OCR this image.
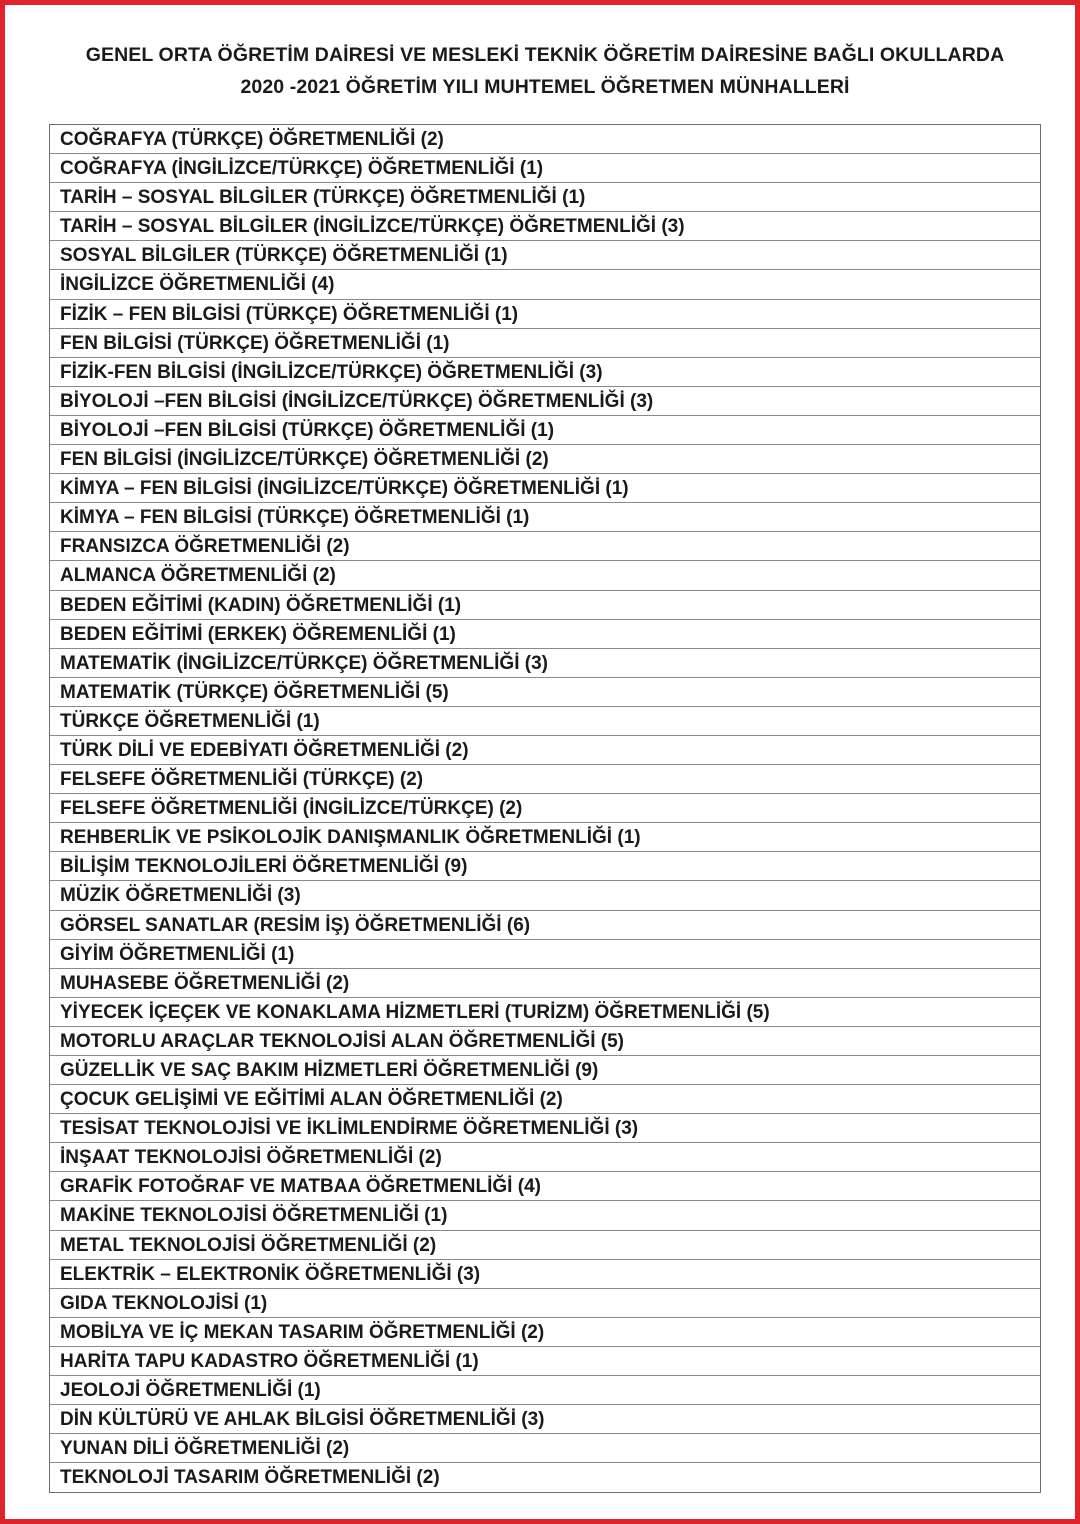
GENEL ORTA ÖĞRETİM DAİRESİ VE MESLEKİ TEKNİK ÖĞRETİM DAİRESİNE BAĞLI OKULLARDA
2020 -2021 ÖĞRETİM YILI MUHTEMEL ÖĞRETMEN MÜNHALLERİ
COĞRAFYA (TÜRKÇE) ÖĞRETMENLİĞİ (2)
COĞRAFYA (İNGİLİZCE/TÜRKÇE) ÖĞRETMENLİĞİ (1)
TARİH – SOSYAL BİLGİLER (TÜRKÇE) ÖĞRETMENLİĞİ (1)
TARİH – SOSYAL BİLGİLER (İNGİLİZCE/TÜRKÇE) ÖĞRETMENLİĞİ (3)
SOSYAL BİLGİLER (TÜRKÇE) ÖĞRETMENLİĞİ (1)
İNGİLİZCE ÖĞRETMENLİĞİ (4)
FİZİK – FEN BİLGİSİ (TÜRKÇE) ÖĞRETMENLİĞİ (1)
FEN BİLGİSİ (TÜRKÇE) ÖĞRETMENLİĞİ (1)
FİZİK-FEN BİLGİSİ (İNGİLİZCE/TÜRKÇE) ÖĞRETMENLİĞİ (3)
BİYOLOJİ –FEN BİLGİSİ (İNGİLİZCE/TÜRKÇE) ÖĞRETMENLİĞİ (3)
BİYOLOJİ –FEN BİLGİSİ (TÜRKÇE) ÖĞRETMENLİĞİ (1)
FEN BİLGİSİ (İNGİLİZCE/TÜRKÇE) ÖĞRETMENLİĞİ (2)
KİMYA – FEN BİLGİSİ (İNGİLİZCE/TÜRKÇE) ÖĞRETMENLİĞİ (1)
KİMYA – FEN BİLGİSİ (TÜRKÇE) ÖĞRETMENLİĞİ (1)
FRANSIZCA ÖĞRETMENLİĞİ (2)
ALMANCA ÖĞRETMENLİĞİ (2)
BEDEN EĞİTİMİ (KADIN) ÖĞRETMENLİĞİ (1)
BEDEN EĞİTİMİ (ERKEK) ÖĞREMENLİĞİ (1)
MATEMATİK (İNGİLİZCE/TÜRKÇE) ÖĞRETMENLİĞİ (3)
MATEMATİK (TÜRKÇE) ÖĞRETMENLİĞİ (5)
TÜRKÇE ÖĞRETMENLİĞİ (1)
TÜRK DİLİ VE EDEBİYATI ÖĞRETMENLİĞİ (2)
FELSEFE ÖĞRETMENLİĞİ (TÜRKÇE) (2)
FELSEFE ÖĞRETMENLİĞİ (İNGİLİZCE/TÜRKÇE) (2)
REHBERLİK VE PSİKOLOJİK DANIŞMANLIK ÖĞRETMENLİĞİ (1)
BİLİŞİM TEKNOLOJİLERİ ÖĞRETMENLİĞİ (9)
MÜZİK ÖĞRETMENLİĞİ (3)
GÖRSEL SANATLAR (RESİM İŞ) ÖĞRETMENLİĞİ (6)
GİYİM ÖĞRETMENLİĞİ (1)
MUHASEBE ÖĞRETMENLİĞİ (2)
YİYECEK İÇEÇEK VE KONAKLAMA HİZMETLERİ (TURİZM) ÖĞRETMENLİĞİ (5)
MOTORLU ARAÇLAR TEKNOLOJİSİ ALAN ÖĞRETMENLİĞİ (5)
GÜZELLİK VE SAÇ BAKIM HİZMETLERİ ÖĞRETMENLİĞİ (9)
ÇOCUK GELİŞİMİ VE EĞİTİMİ ALAN ÖĞRETMENLİĞİ (2)
TESİSAT TEKNOLOJİSİ VE İKLİMLENDİRME ÖĞRETMENLİĞİ (3)
İNŞAAT TEKNOLOJİSİ ÖĞRETMENLİĞİ (2)
GRAFİK FOTOĞRAF VE MATBAA ÖĞRETMENLİĞİ (4)
MAKİNE TEKNOLOJİSİ ÖĞRETMENLİĞİ (1)
METAL TEKNOLOJİSİ ÖĞRETMENLİĞİ (2)
ELEKTRİK – ELEKTRONİK ÖĞRETMENLİĞİ (3)
GIDA TEKNOLOJİSİ (1)
MOBİLYA VE İÇ MEKAN TASARIM ÖĞRETMENLİĞİ (2)
HARİTA TAPU KADASTRO ÖĞRETMENLİĞİ (1)
JEOLOJİ ÖĞRETMENLİĞİ (1)
DİN KÜLTÜRÜ VE AHLAK BİLGİSİ ÖĞRETMENLİĞİ (3)
YUNAN DİLİ ÖĞRETMENLİĞİ (2)
TEKNOLOJİ TASARIM ÖĞRETMENLİĞİ (2)
